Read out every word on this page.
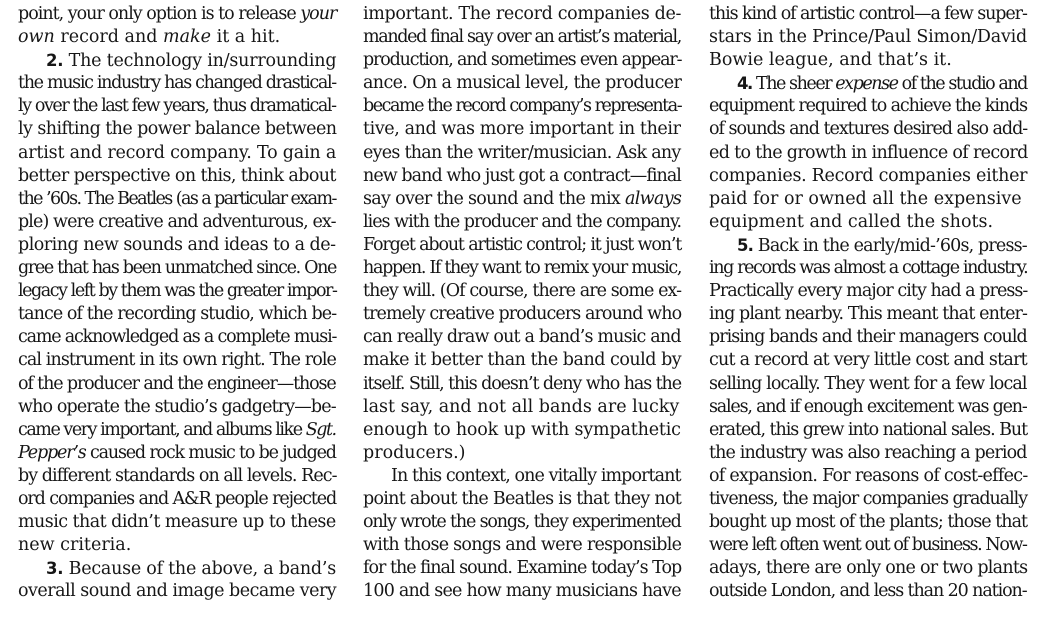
point, your only option is to release your
own record and make it a hit.
2. The technology in/surrounding
the music industry has changed drastical-
ly over the last few years, thus dramatical-
ly shifting the power balance between
artist and record company. To gain a
better perspective on this, think about
the ’60s. The Beatles (as a particular exam-
ple) were creative and adventurous, ex-
ploring new sounds and ideas to a de-
gree that has been unmatched since. One
legacy left by them was the greater impor-
tance of the recording studio, which be-
came acknowledged as a complete musi-
cal instrument in its own right. The role
of the producer and the engineer—those
who operate the studio’s gadgetry—be-
came very important, and albums like Sgt.
Pepper’s caused rock music to be judged
by different standards on all levels. Rec-
ord companies and A&R people rejected
music that didn’t measure up to these
new criteria.
3. Because of the above, a band’s
overall sound and image became very
important. The record companies de-
manded final say over an artist’s material,
production, and sometimes even appear-
ance. On a musical level, the producer
became the record company’s representa-
tive, and was more important in their
eyes than the writer/musician. Ask any
new band who just got a contract—final
say over the sound and the mix always
lies with the producer and the company.
Forget about artistic control; it just won’t
happen. If they want to remix your music,
they will. (Of course, there are some ex-
tremely creative producers around who
can really draw out a band’s music and
make it better than the band could by
itself. Still, this doesn’t deny who has the
last say, and not all bands are lucky
enough to hook up with sympathetic
producers.)
In this context, one vitally important
point about the Beatles is that they not
only wrote the songs, they experimented
with those songs and were responsible
for the final sound. Examine today’s Top
100 and see how many musicians have
this kind of artistic control—a few super-
stars in the Prince/Paul Simon/David
Bowie league, and that’s it.
4. The sheer expense of the studio and
equipment required to achieve the kinds
of sounds and textures desired also add-
ed to the growth in influence of record
companies. Record companies either
paid for or owned all the expensive
equipment and called the shots.
5. Back in the early/mid-’60s, press-
ing records was almost a cottage industry.
Practically every major city had a press-
ing plant nearby. This meant that enter-
prising bands and their managers could
cut a record at very little cost and start
selling locally. They went for a few local
sales, and if enough excitement was gen-
erated, this grew into national sales. But
the industry was also reaching a period
of expansion. For reasons of cost-effec-
tiveness, the major companies gradually
bought up most of the plants; those that
were left often went out of business. Now-
adays, there are only one or two plants
outside London, and less than 20 nation-
